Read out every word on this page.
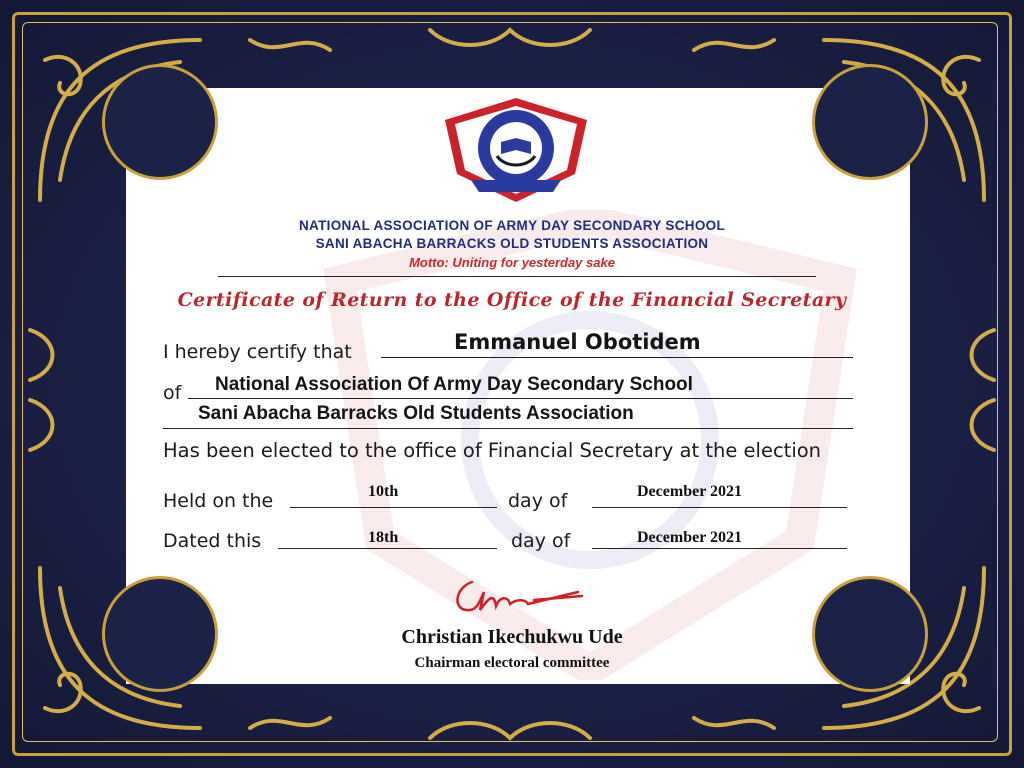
NATIONAL ASSOCIATION OF ARMY DAY SECONDARY SCHOOL
SANI ABACHA BARRACKS OLD STUDENTS ASSOCIATION
Motto: Uniting for yesterday sake
Certificate of Return to the Office of the Financial Secretary
I hereby certify that	Emmanuel Obotidem
of National Association Of Army Day Secondary School
Sani Abacha Barracks Old Students Association
Has been elected to the office of Financial Secretary at the election
Held on the	10th	day of	December 2021
Dated this	18th	day of	December 2021
Christian Ikechukwu Ude
Chairman electoral committee
